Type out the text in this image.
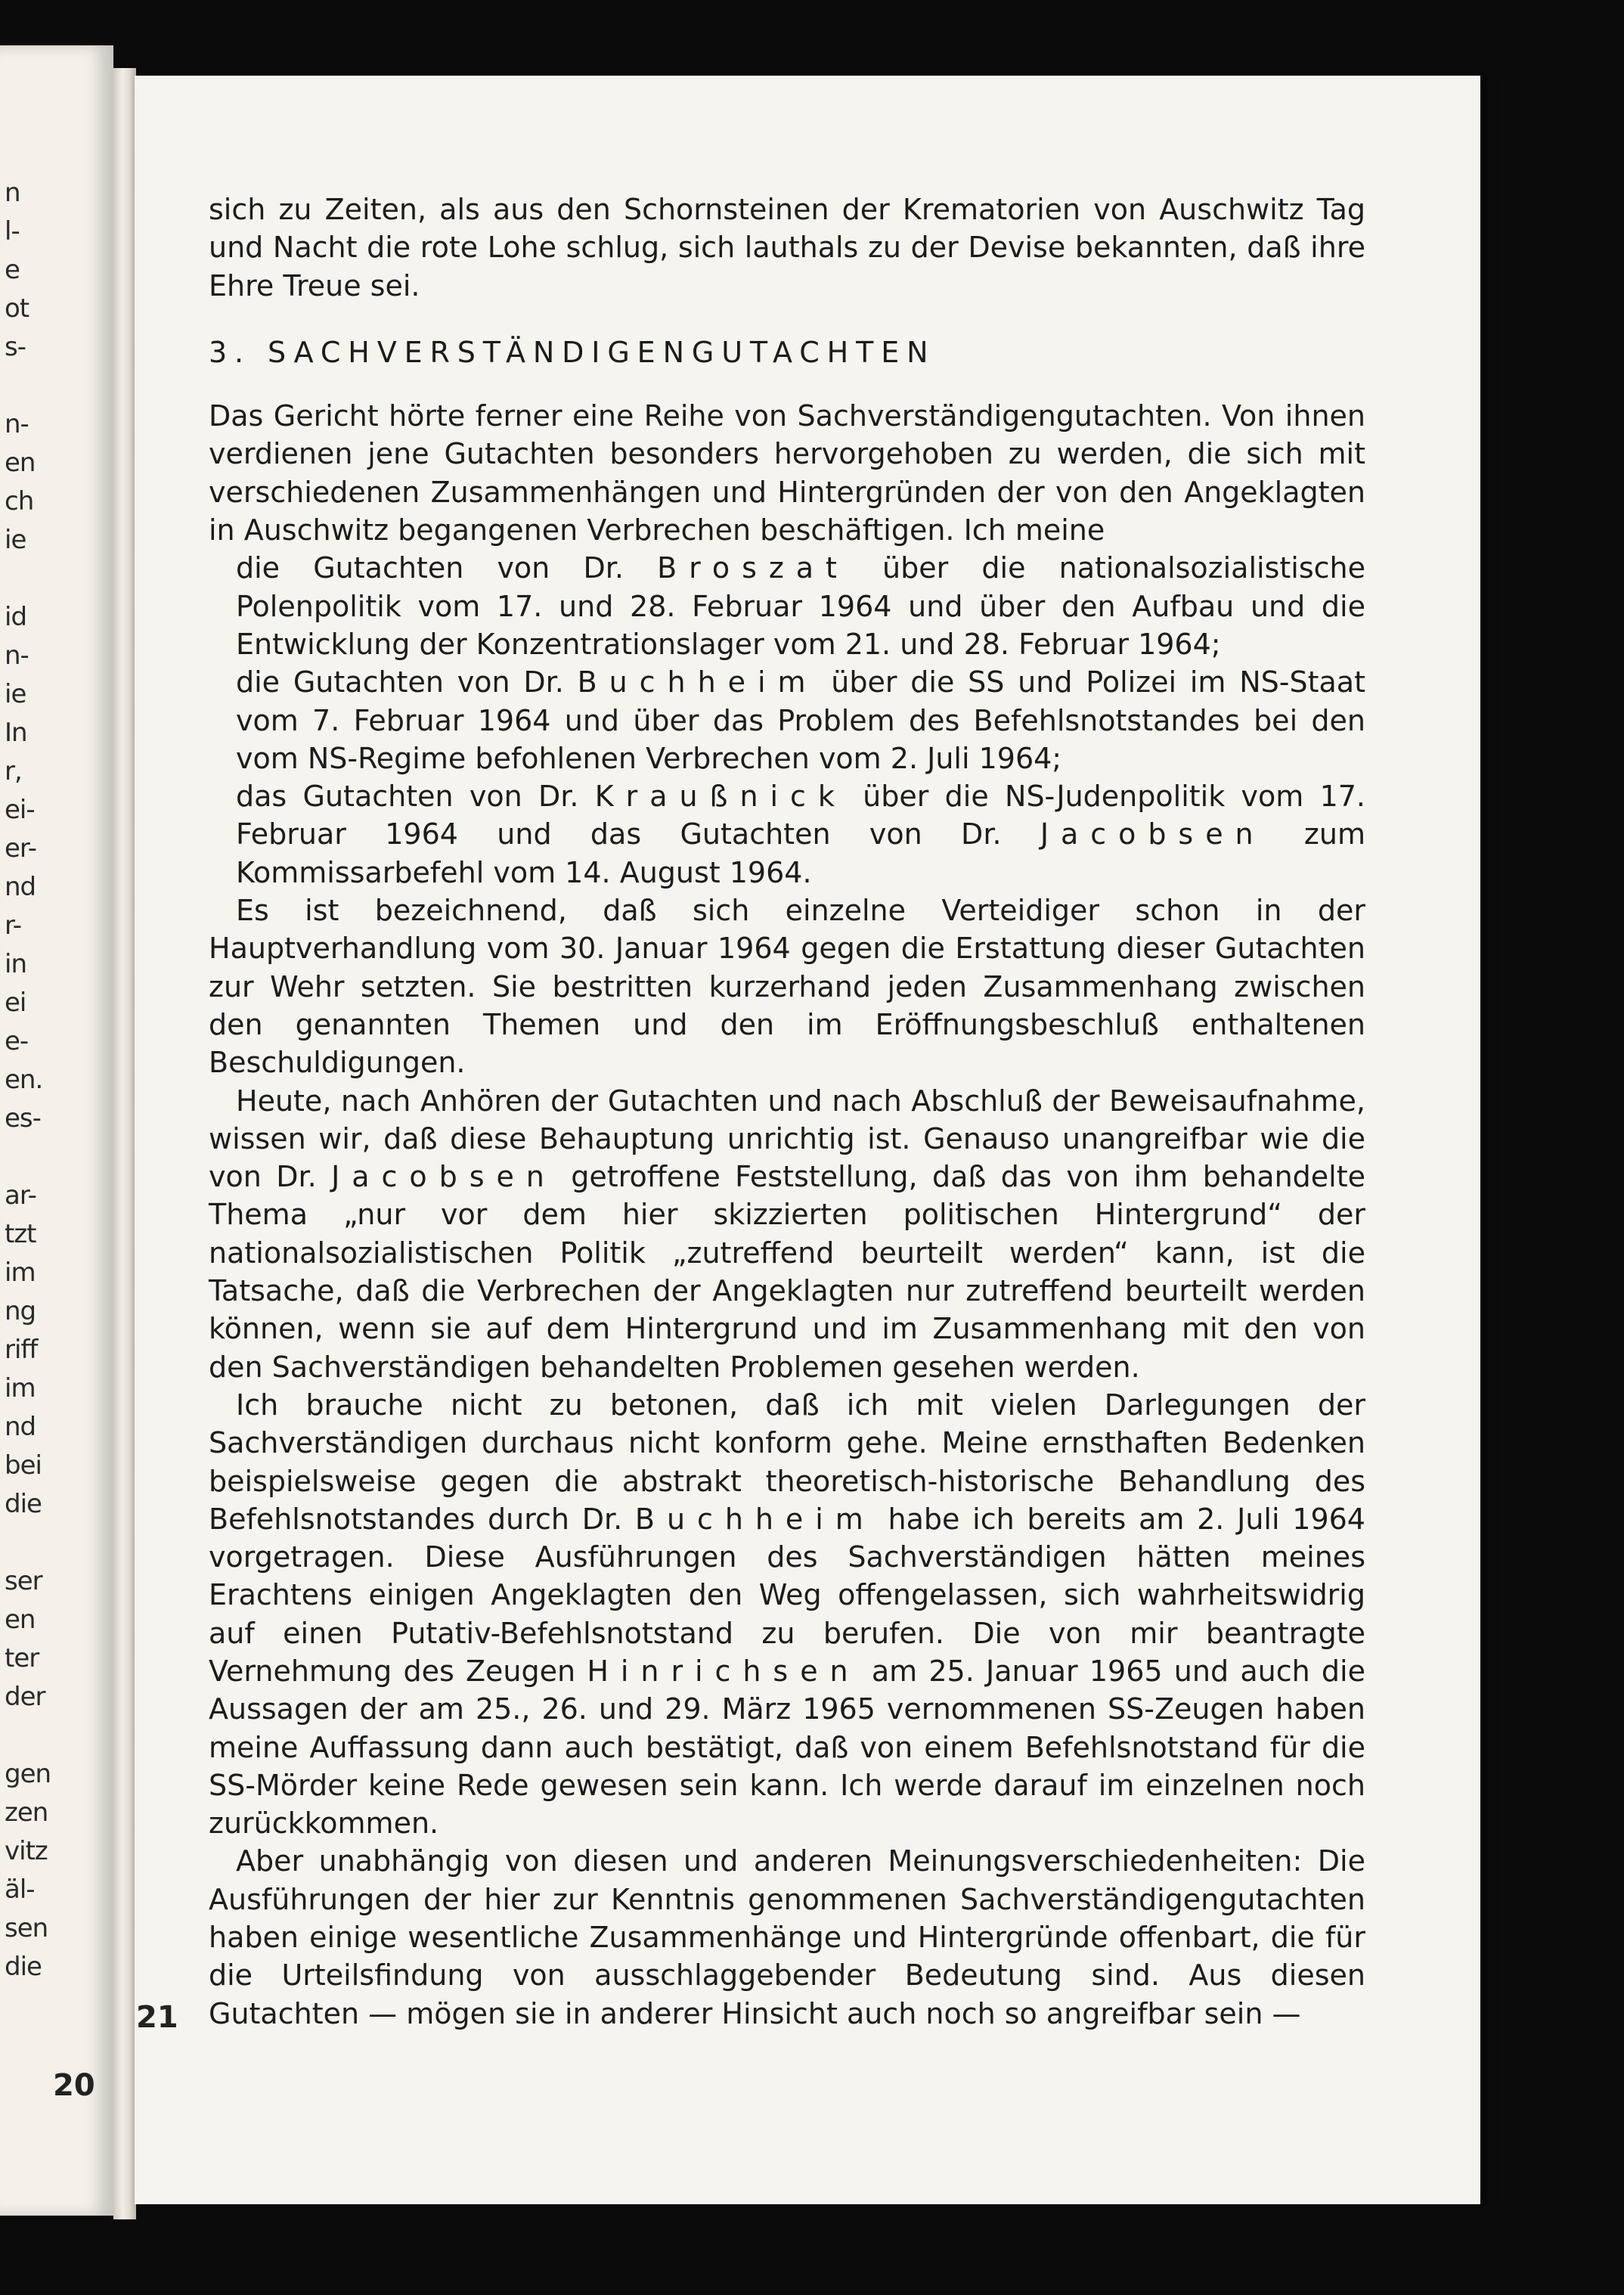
n
l-
e
ot
s-
n-
en
ch
ie
id
n-
ie
In
r,
ei-
er-
nd
r-
in
ei
e-
en.
es-
ar-
tzt
im
ng
riff
im
nd
bei
die
ser
en
ter
der
gen
zen
vitz
äl-
sen
die
20
21

sich zu Zeiten, als aus den Schornsteinen der Krematorien von Auschwitz Tag und Nacht die rote Lohe schlug, sich lauthals zu der Devise bekannten, daß ihre Ehre Treue sei.

3. SACHVERSTÄNDIGENGUTACHTEN

Das Gericht hörte ferner eine Reihe von Sachverständigengutachten. Von ihnen verdienen jene Gutachten besonders hervorgehoben zu werden, die sich mit verschiedenen Zusammenhängen und Hintergründen der von den Angeklagten in Auschwitz begangenen Verbrechen beschäftigen. Ich meine

die Gutachten von Dr. Broszat über die nationalsozialistische Polenpolitik vom 17. und 28. Februar 1964 und über den Aufbau und die Entwicklung der Konzentrationslager vom 21. und 28. Februar 1964;

die Gutachten von Dr. Buchheim über die SS und Polizei im NS-Staat vom 7. Februar 1964 und über das Problem des Befehlsnotstandes bei den vom NS-Regime befohlenen Verbrechen vom 2. Juli 1964;

das Gutachten von Dr. Kraußnick über die NS-Judenpolitik vom 17. Februar 1964 und das Gutachten von Dr. Jacobsen zum Kommissarbefehl vom 14. August 1964.

Es ist bezeichnend, daß sich einzelne Verteidiger schon in der Hauptverhandlung vom 30. Januar 1964 gegen die Erstattung dieser Gutachten zur Wehr setzten. Sie bestritten kurzerhand jeden Zusammenhang zwischen den genannten Themen und den im Eröffnungsbeschluß enthaltenen Beschuldigungen.

Heute, nach Anhören der Gutachten und nach Abschluß der Beweisaufnahme, wissen wir, daß diese Behauptung unrichtig ist. Genauso unangreifbar wie die von Dr. Jacobsen getroffene Feststellung, daß das von ihm behandelte Thema „nur vor dem hier skizzierten politischen Hintergrund“ der nationalsozialistischen Politik „zutreffend beurteilt werden“ kann, ist die Tatsache, daß die Verbrechen der Angeklagten nur zutreffend beurteilt werden können, wenn sie auf dem Hintergrund und im Zusammenhang mit den von den Sachverständigen behandelten Problemen gesehen werden.

Ich brauche nicht zu betonen, daß ich mit vielen Darlegungen der Sachverständigen durchaus nicht konform gehe. Meine ernsthaften Bedenken beispielsweise gegen die abstrakt theoretisch-historische Behandlung des Befehlsnotstandes durch Dr. Buchheim habe ich bereits am 2. Juli 1964 vorgetragen. Diese Ausführungen des Sachverständigen hätten meines Erachtens einigen Angeklagten den Weg offengelassen, sich wahrheitswidrig auf einen Putativ-Befehlsnotstand zu berufen. Die von mir beantragte Vernehmung des Zeugen Hinrichsen am 25. Januar 1965 und auch die Aussagen der am 25., 26. und 29. März 1965 vernommenen SS-Zeugen haben meine Auffassung dann auch bestätigt, daß von einem Befehlsnotstand für die SS-Mörder keine Rede gewesen sein kann. Ich werde darauf im einzelnen noch zurückkommen.

Aber unabhängig von diesen und anderen Meinungsverschiedenheiten: Die Ausführungen der hier zur Kenntnis genommenen Sachverständigengutachten haben einige wesentliche Zusammenhänge und Hintergründe offenbart, die für die Urteilsfindung von ausschlaggebender Bedeutung sind. Aus diesen Gutachten — mögen sie in anderer Hinsicht auch noch so angreifbar sein —
